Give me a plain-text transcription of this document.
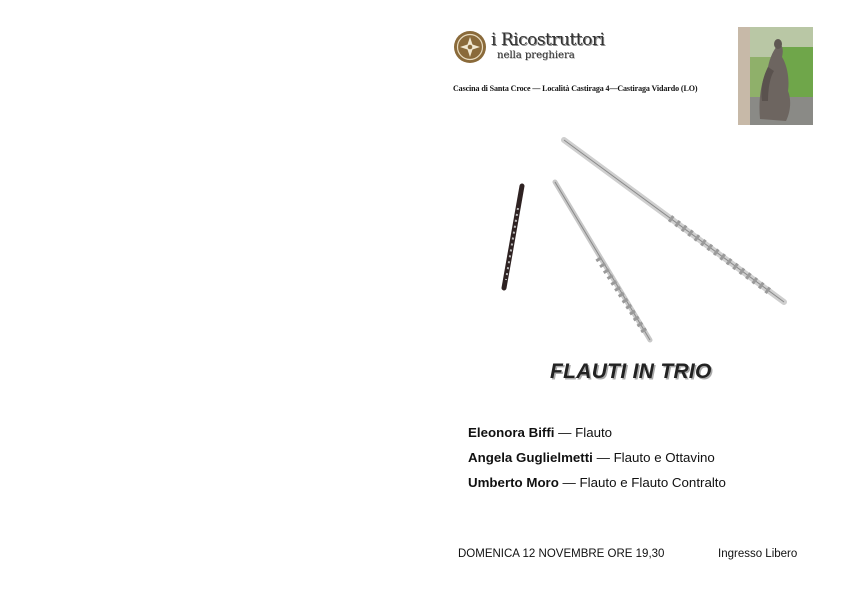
i Ricostruttori
nella preghiera
Cascina di Santa Croce — Località Castiraga 4—Castiraga Vidardo (LO)
FLAUTI IN TRIO
Eleonora Biffi — Flauto
Angela Guglielmetti — Flauto e Ottavino
Umberto Moro — Flauto e Flauto Contralto
DOMENICA 12 NOVEMBRE ORE 19,30	Ingresso Libero
